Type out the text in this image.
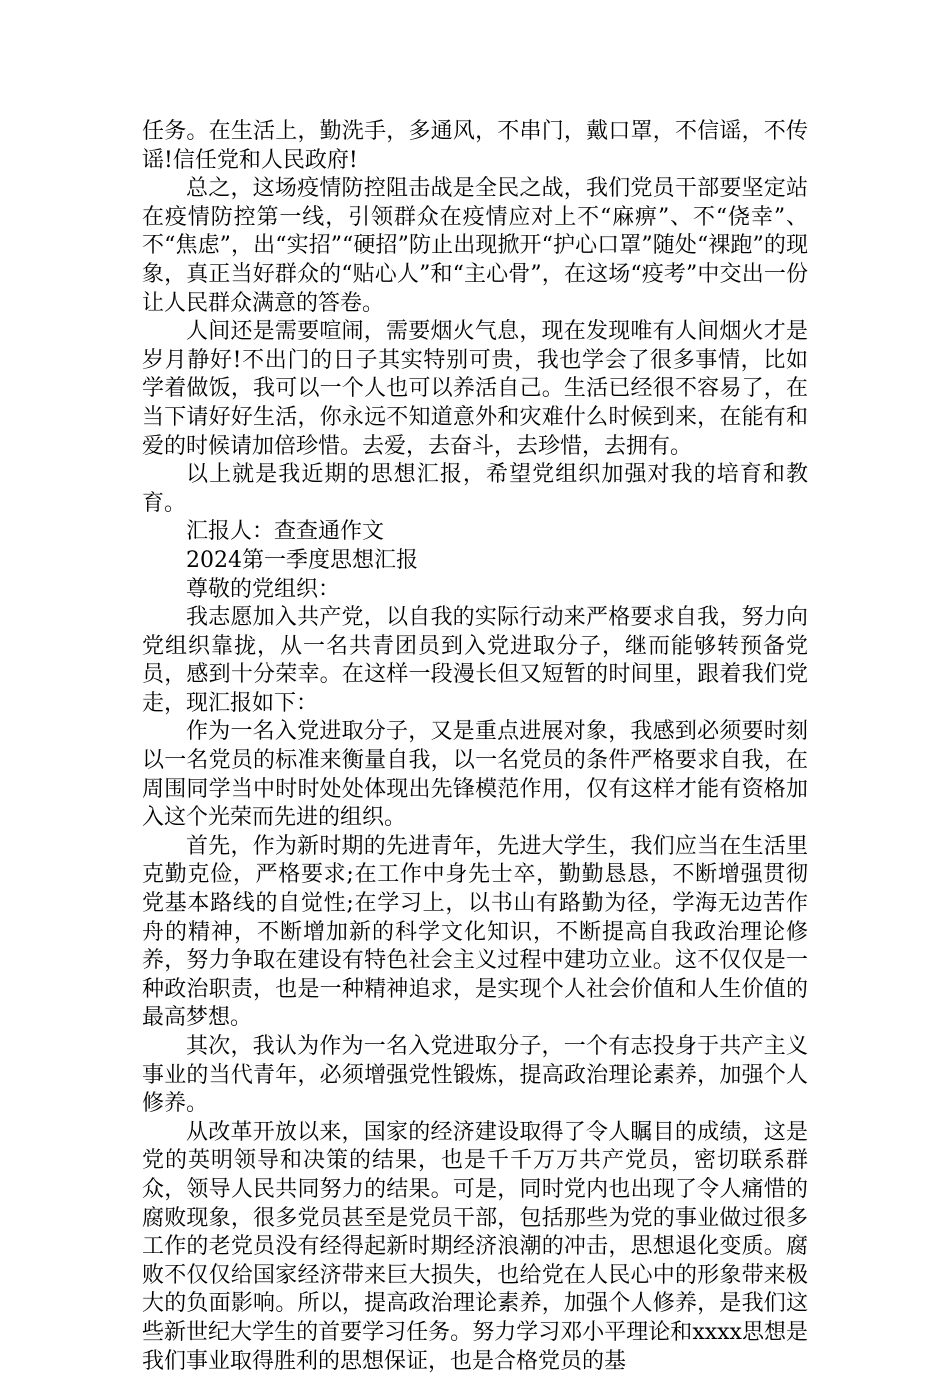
任务。在生活上，勤洗手，多通风，不串门，戴口罩，不信谣，不传谣!信任党和人民政府!

总之，这场疫情防控阻击战是全民之战，我们党员干部要坚定站在疫情防控第一线，引领群众在疫情应对上不“麻痹”、不“侥幸”、不“焦虑”，出“实招”“硬招”防止出现掀开“护心口罩”随处“裸跑”的现象，真正当好群众的“贴心人”和“主心骨”，在这场“疫考”中交出一份让人民群众满意的答卷。

人间还是需要喧闹，需要烟火气息，现在发现唯有人间烟火才是岁月静好!不出门的日子其实特别可贵，我也学会了很多事情，比如学着做饭，我可以一个人也可以养活自己。生活已经很不容易了，在当下请好好生活，你永远不知道意外和灾难什么时候到来，在能有和爱的时候请加倍珍惜。去爱，去奋斗，去珍惜，去拥有。

以上就是我近期的思想汇报，希望党组织加强对我的培育和教育。

汇报人：查查通作文

2024第一季度思想汇报

尊敬的党组织：

我志愿加入共产党，以自我的实际行动来严格要求自我，努力向党组织靠拢，从一名共青团员到入党进取分子，继而能够转预备党员，感到十分荣幸。在这样一段漫长但又短暂的时间里，跟着我们党走，现汇报如下：

作为一名入党进取分子，又是重点进展对象，我感到必须要时刻以一名党员的标准来衡量自我，以一名党员的条件严格要求自我，在周围同学当中时时处处体现出先锋模范作用，仅有这样才能有资格加入这个光荣而先进的组织。

首先，作为新时期的先进青年，先进大学生，我们应当在生活里克勤克俭，严格要求;在工作中身先士卒，勤勤恳恳，不断增强贯彻党基本路线的自觉性;在学习上，以书山有路勤为径，学海无边苦作舟的精神，不断增加新的科学文化知识，不断提高自我政治理论修养，努力争取在建设有特色社会主义过程中建功立业。这不仅仅是一种政治职责，也是一种精神追求，是实现个人社会价值和人生价值的最高梦想。

其次，我认为作为一名入党进取分子，一个有志投身于共产主义事业的当代青年，必须增强党性锻炼，提高政治理论素养，加强个人修养。

从改革开放以来，国家的经济建设取得了令人瞩目的成绩，这是党的英明领导和决策的结果，也是千千万万共产党员，密切联系群众，领导人民共同努力的结果。可是，同时党内也出现了令人痛惜的腐败现象，很多党员甚至是党员干部，包括那些为党的事业做过很多工作的老党员没有经得起新时期经济浪潮的冲击，思想退化变质。腐败不仅仅给国家经济带来巨大损失，也给党在人民心中的形象带来极大的负面影响。所以，提高政治理论素养，加强个人修养，是我们这些新世纪大学生的首要学习任务。努力学习邓小平理论和xxxx思想是我们事业取得胜利的思想保证，也是合格党员的基
